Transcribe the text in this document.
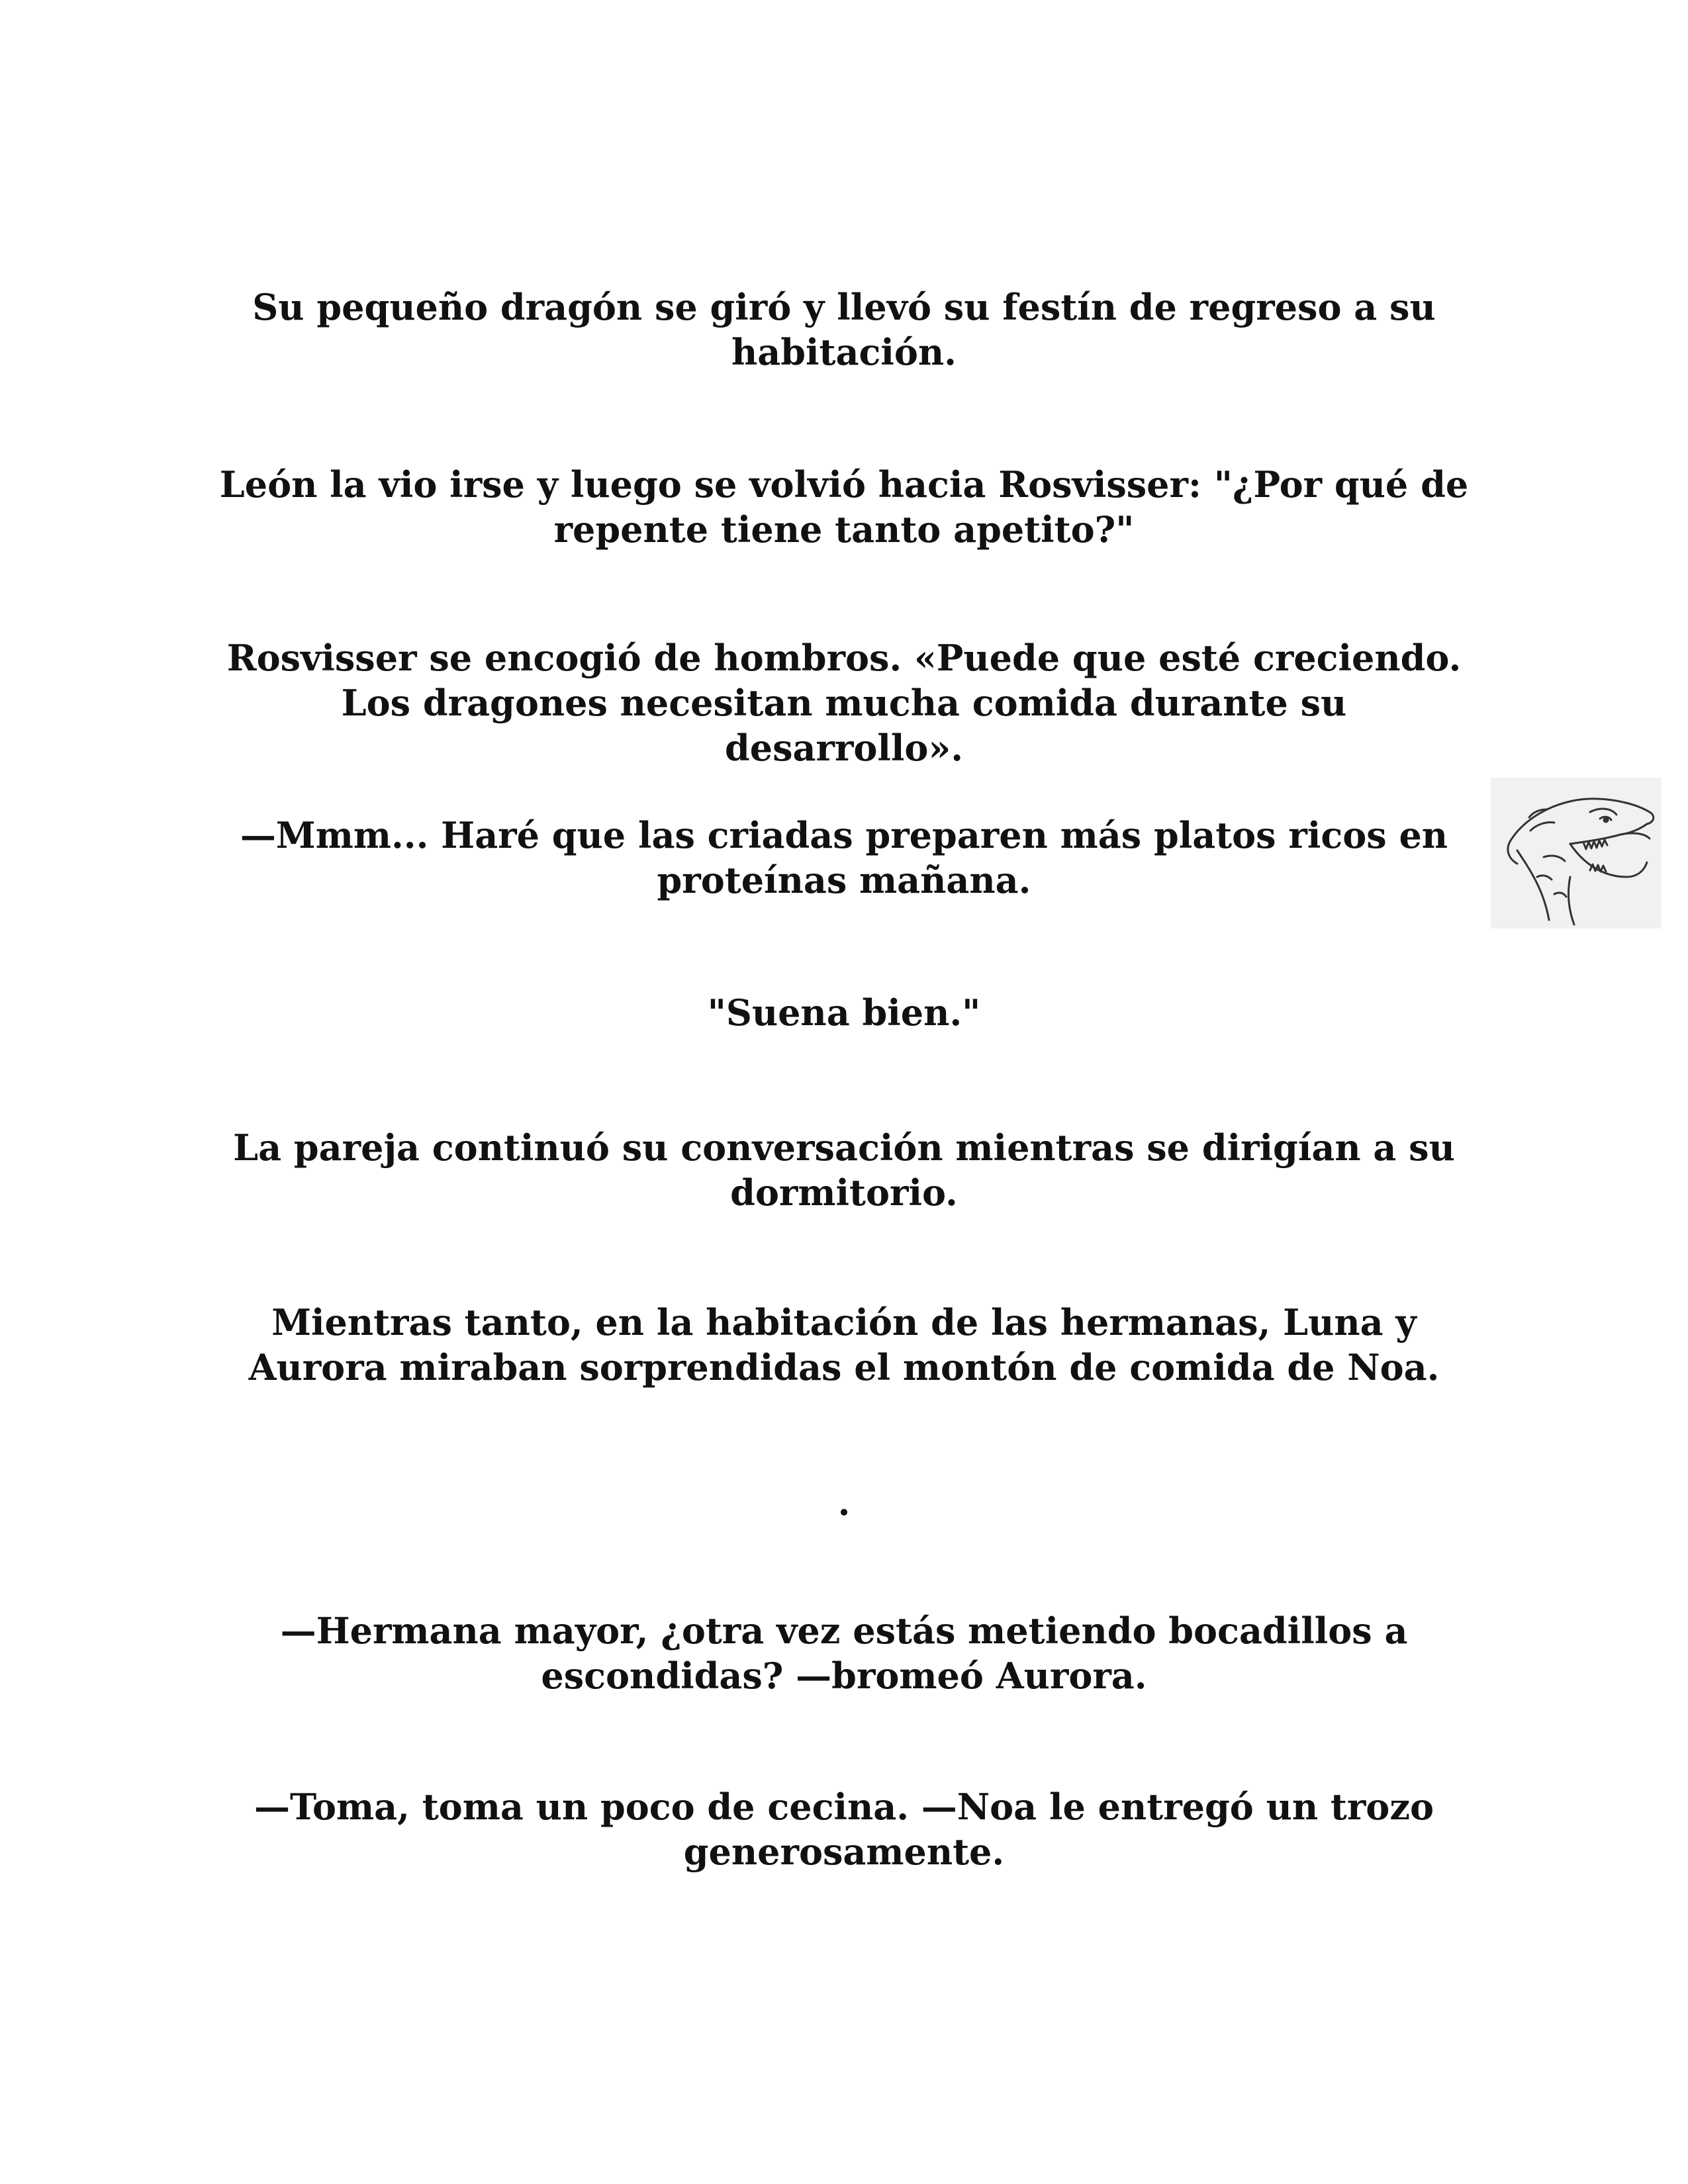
Su pequeño dragón se giró y llevó su festín de regreso a su habitación.

León la vio irse y luego se volvió hacia Rosvisser: "¿Por qué de repente tiene tanto apetito?"

Rosvisser se encogió de hombros. «Puede que esté creciendo. Los dragones necesitan mucha comida durante su desarrollo».

—Mmm... Haré que las criadas preparen más platos ricos en proteínas mañana.

"Suena bien."

La pareja continuó su conversación mientras se dirigían a su dormitorio.

Mientras tanto, en la habitación de las hermanas, Luna y Aurora miraban sorprendidas el montón de comida de Noa.

.

—Hermana mayor, ¿otra vez estás metiendo bocadillos a escondidas? —bromeó Aurora.

—Toma, toma un poco de cecina. —Noa le entregó un trozo generosamente.
